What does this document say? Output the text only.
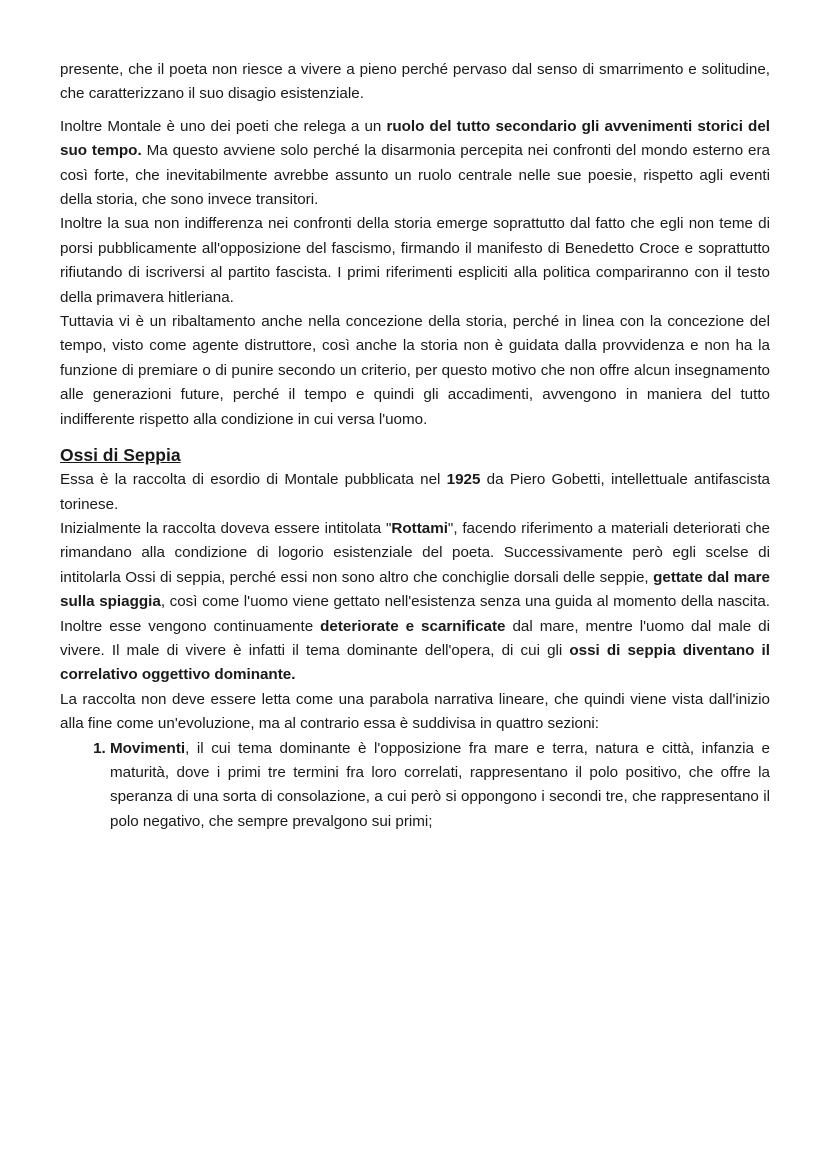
presente, che il poeta non riesce a vivere a pieno perché pervaso dal senso di smarrimento e solitudine, che caratterizzano il suo disagio esistenziale.

Inoltre Montale è uno dei poeti che relega a un ruolo del tutto secondario gli avvenimenti storici del suo tempo. Ma questo avviene solo perché la disarmonia percepita nei confronti del mondo esterno era così forte, che inevitabilmente avrebbe assunto un ruolo centrale nelle sue poesie, rispetto agli eventi della storia, che sono invece transitori.

Inoltre la sua non indifferenza nei confronti della storia emerge soprattutto dal fatto che egli non teme di porsi pubblicamente all'opposizione del fascismo, firmando il manifesto di Benedetto Croce e soprattutto rifiutando di iscriversi al partito fascista. I primi riferimenti espliciti alla politica compariranno con il testo della primavera hitleriana.

Tuttavia vi è un ribaltamento anche nella concezione della storia, perché in linea con la concezione del tempo, visto come agente distruttore, così anche la storia non è guidata dalla provvidenza e non ha la funzione di premiare o di punire secondo un criterio, per questo motivo che non offre alcun insegnamento alle generazioni future, perché il tempo e quindi gli accadimenti, avvengono in maniera del tutto indifferente rispetto alla condizione in cui versa l'uomo.

Ossi di Seppia

Essa è la raccolta di esordio di Montale pubblicata nel 1925 da Piero Gobetti, intellettuale antifascista torinese.

Inizialmente la raccolta doveva essere intitolata "Rottami", facendo riferimento a materiali deteriorati che rimandano alla condizione di logorio esistenziale del poeta. Successivamente però egli scelse di intitolarla Ossi di seppia, perché essi non sono altro che conchiglie dorsali delle seppie, gettate dal mare sulla spiaggia, così come l'uomo viene gettato nell'esistenza senza una guida al momento della nascita. Inoltre esse vengono continuamente deteriorate e scarnificate dal mare, mentre l'uomo dal male di vivere. Il male di vivere è infatti il tema dominante dell'opera, di cui gli ossi di seppia diventano il correlativo oggettivo dominante.

La raccolta non deve essere letta come una parabola narrativa lineare, che quindi viene vista dall'inizio alla fine come un'evoluzione, ma al contrario essa è suddivisa in quattro sezioni:

1. Movimenti, il cui tema dominante è l'opposizione fra mare e terra, natura e città, infanzia e maturità, dove i primi tre termini fra loro correlati, rappresentano il polo positivo, che offre la speranza di una sorta di consolazione, a cui però si oppongono i secondi tre, che rappresentano il polo negativo, che sempre prevalgono sui primi;
